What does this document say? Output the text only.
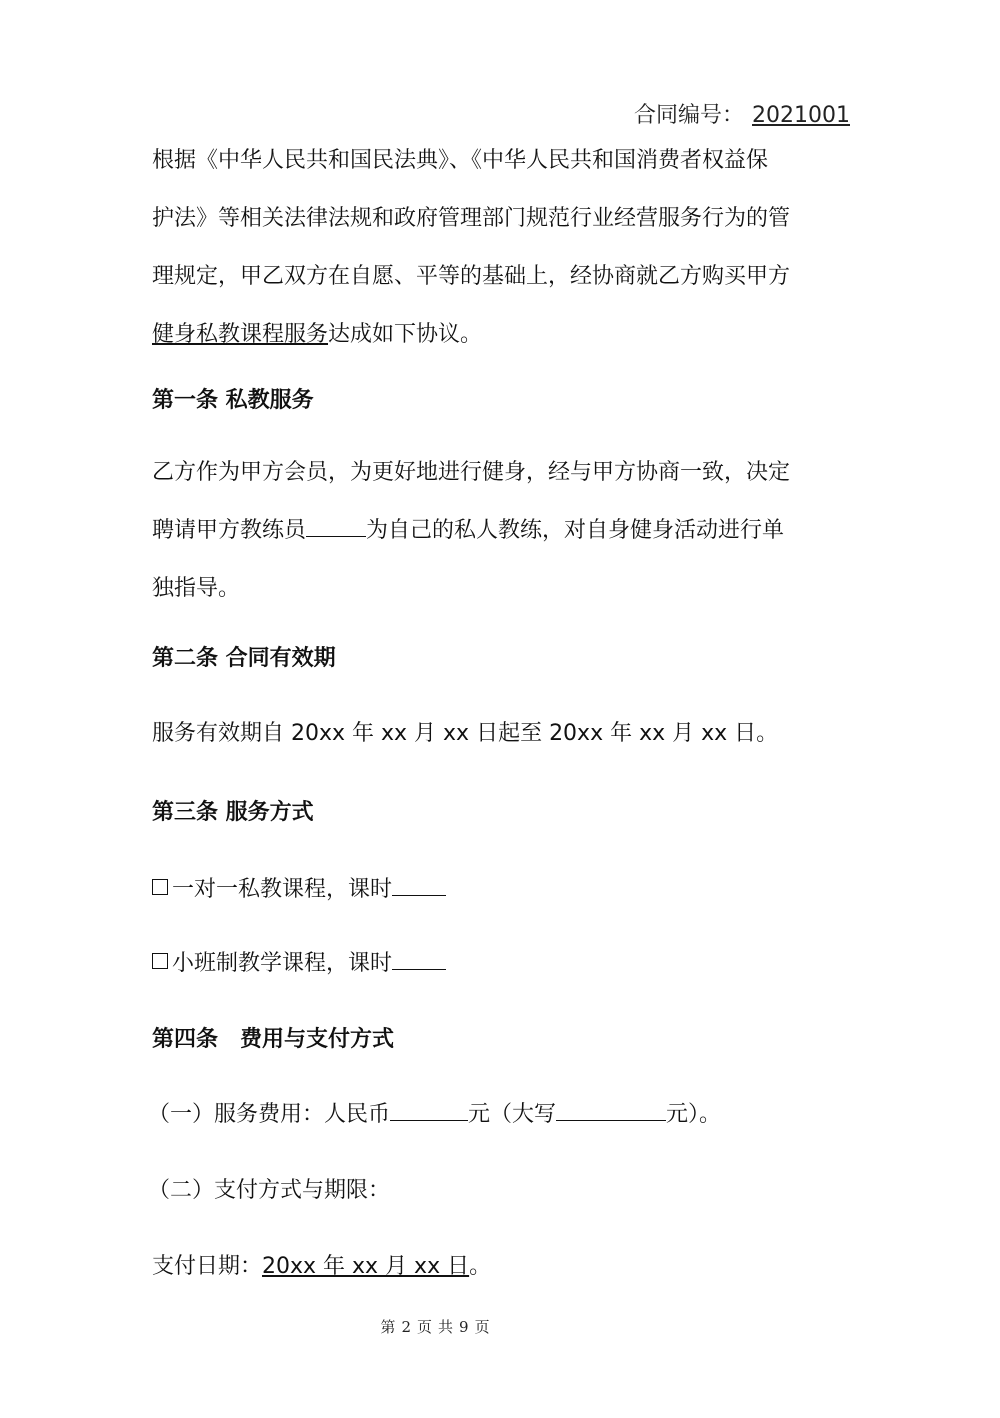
合同编号： 2021001
根据《中华人民共和国民法典》、《中华人民共和国消费者权益保
护法》等相关法律法规和政府管理部门规范行业经营服务行为的管
理规定，甲乙双方在自愿、平等的基础上，经协商就乙方购买甲方
健身私教课程服务达成如下协议。
第一条 私教服务
乙方作为甲方会员，为更好地进行健身，经与甲方协商一致，决定
聘请甲方教练员	为自己的私人教练，对自身健身活动进行单
独指导。
第二条 合同有效期
服务有效期自 20xx 年 xx 月 xx 日起至 20xx 年 xx 月 xx 日。
第三条 服务方式
一对一私教课程，课时
小班制教学课程，课时
第四条　费用与支付方式
（一）服务费用：人民币	元（大写	元）。
（二）支付方式与期限：
支付日期：20xx 年 xx 月 xx 日。
第 2 页 共 9 页
